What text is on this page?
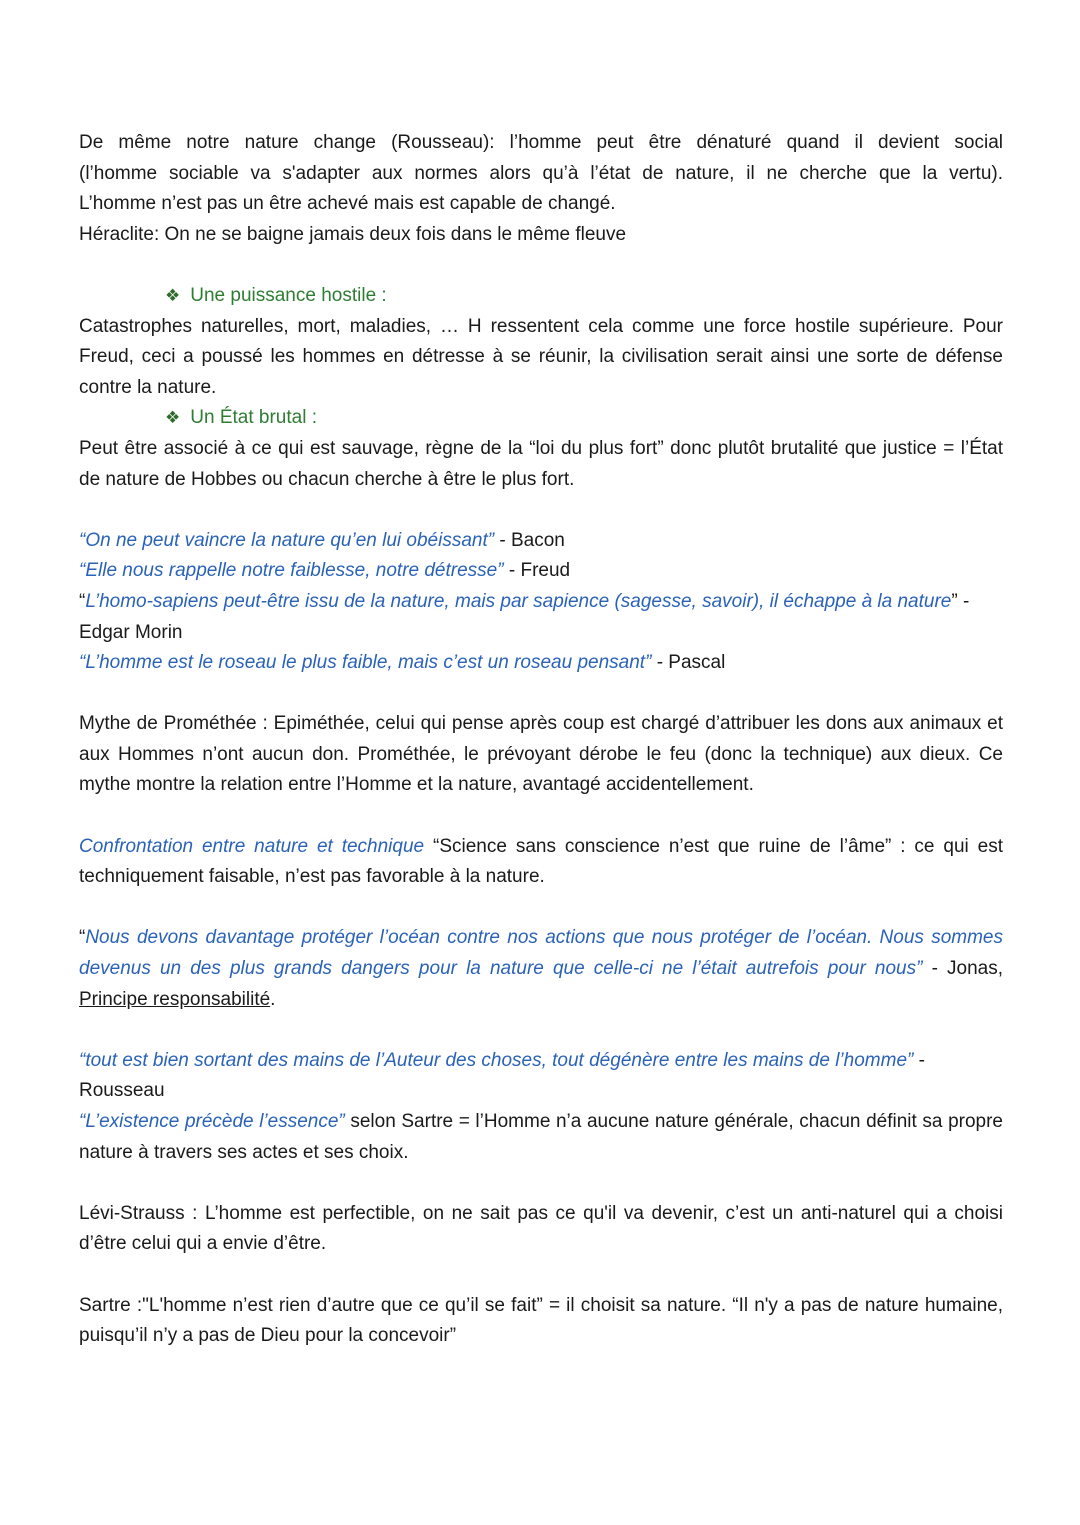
De même notre nature change (Rousseau): l’homme peut être dénaturé quand il devient social

(l’homme sociable va s'adapter aux normes alors qu’à l’état de nature, il ne cherche que la vertu).

L’homme n’est pas un être achevé mais est capable de changé.

Héraclite: On ne se baigne jamais deux fois dans le même fleuve

❖ Une puissance hostile :

Catastrophes naturelles, mort, maladies, … H ressentent cela comme une force hostile supérieure. Pour Freud, ceci a poussé les hommes en détresse à se réunir, la civilisation serait ainsi une sorte de défense contre la nature.

❖ Un État brutal :

Peut être associé à ce qui est sauvage, règne de la “loi du plus fort” donc plutôt brutalité que justice = l’État de nature de Hobbes ou chacun cherche à être le plus fort.

“On ne peut vaincre la nature qu’en lui obéissant” - Bacon

“Elle nous rappelle notre faiblesse, notre détresse” - Freud

“L’homo-sapiens peut-être issu de la nature, mais par sapience (sagesse, savoir), il échappe à la nature” -
Edgar Morin

“L’homme est le roseau le plus faible, mais c’est un roseau pensant” - Pascal

Mythe de Prométhée : Epiméthée, celui qui pense après coup est chargé d’attribuer les dons aux animaux et aux Hommes n’ont aucun don. Prométhée, le prévoyant dérobe le feu (donc la technique) aux dieux. Ce mythe montre la relation entre l’Homme et la nature, avantagé accidentellement.

Confrontation entre nature et technique “Science sans conscience n’est que ruine de l’âme” : ce qui est techniquement faisable, n’est pas favorable à la nature.

“Nous devons davantage protéger l’océan contre nos actions que nous protéger de l’océan. Nous sommes devenus un des plus grands dangers pour la nature que celle-ci ne l’était autrefois pour nous” - Jonas, Principe responsabilité.

“tout est bien sortant des mains de l’Auteur des choses, tout dégénère entre les mains de l’homme” -
Rousseau

“L’existence précède l’essence” selon Sartre = l’Homme n’a aucune nature générale, chacun définit sa propre nature à travers ses actes et ses choix.

Lévi-Strauss : L’homme est perfectible, on ne sait pas ce qu'il va devenir, c’est un anti-naturel qui a choisi d’être celui qui a envie d’être.

Sartre :"L'homme n’est rien d’autre que ce qu’il se fait” = il choisit sa nature. “Il n'y a pas de nature humaine, puisqu’il n’y a pas de Dieu pour la concevoir”
